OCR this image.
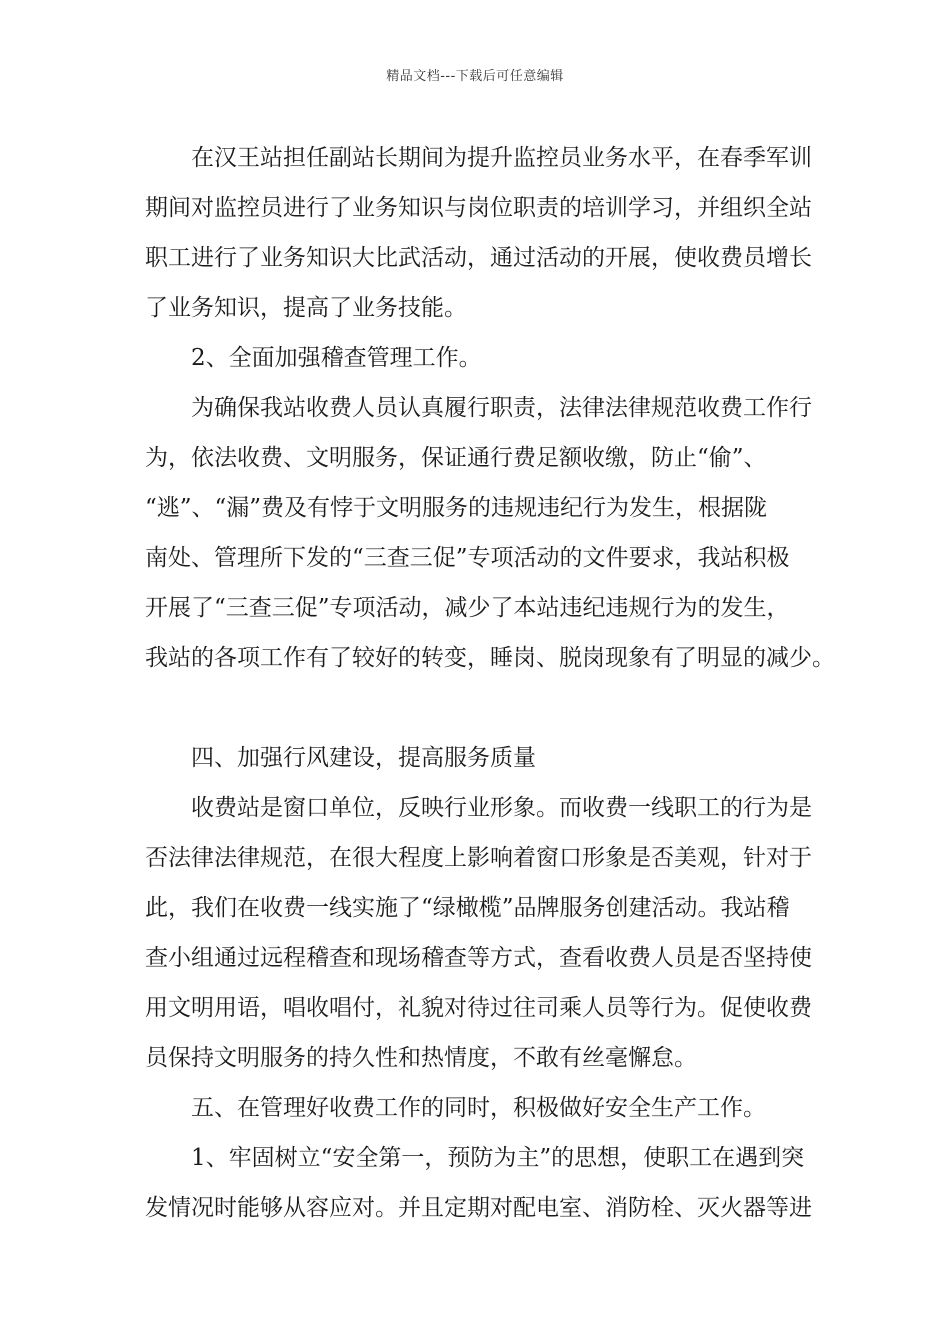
精品文档---下载后可任意编辑
在汉王站担任副站长期间为提升监控员业务水平，在春季军训
期间对监控员进行了业务知识与岗位职责的培训学习，并组织全站
职工进行了业务知识大比武活动，通过活动的开展，使收费员增长
了业务知识，提高了业务技能。
2、全面加强稽查管理工作。
为确保我站收费人员认真履行职责，法律法律规范收费工作行
为，依法收费、文明服务，保证通行费足额收缴，防止“偷”、
“逃”、“漏”费及有悖于文明服务的违规违纪行为发生，根据陇
南处、管理所下发的“三查三促”专项活动的文件要求，我站积极
开展了“三查三促”专项活动，减少了本站违纪违规行为的发生，
我站的各项工作有了较好的转变，睡岗、脱岗现象有了明显的减少。
四、加强行风建设，提高服务质量
收费站是窗口单位，反映行业形象。而收费一线职工的行为是
否法律法律规范，在很大程度上影响着窗口形象是否美观，针对于
此，我们在收费一线实施了“绿橄榄”品牌服务创建活动。我站稽
查小组通过远程稽查和现场稽查等方式，查看收费人员是否坚持使
用文明用语，唱收唱付，礼貌对待过往司乘人员等行为。促使收费
员保持文明服务的持久性和热情度，不敢有丝毫懈怠。
五、在管理好收费工作的同时，积极做好安全生产工作。
1、牢固树立“安全第一，预防为主”的思想，使职工在遇到突
发情况时能够从容应对。并且定期对配电室、消防栓、灭火器等进
